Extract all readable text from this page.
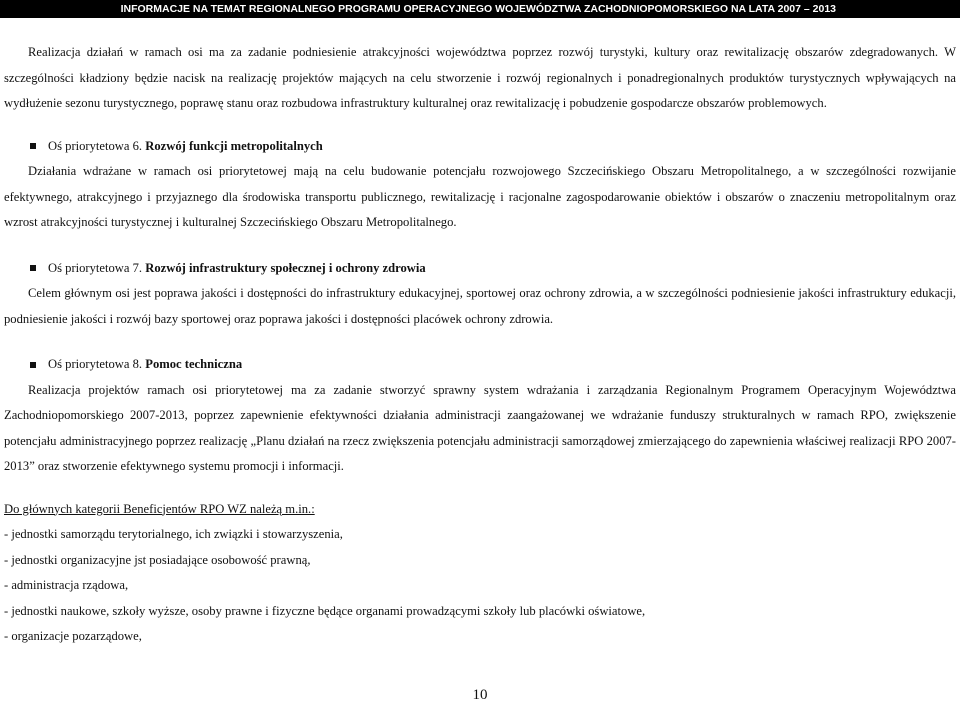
INFORMACJE NA TEMAT REGIONALNEGO PROGRAMU OPERACYJNEGO WOJEWÓDZTWA ZACHODNIOPOMORSKIEGO NA LATA 2007 – 2013

Realizacja działań w ramach osi ma za zadanie podniesienie atrakcyjności województwa poprzez rozwój turystyki, kultury oraz rewitalizację obszarów zdegradowanych. W szczególności kładziony będzie nacisk na realizację projektów mających na celu stworzenie i rozwój regionalnych i ponadregionalnych produktów turystycznych wpływających na wydłużenie sezonu turystycznego, poprawę stanu oraz rozbudowa infrastruktury kulturalnej oraz rewitalizację i pobudzenie gospodarcze obszarów problemowych.

Oś priorytetowa 6.
Rozwój funkcji metropolitalnych

Działania wdrażane w ramach osi priorytetowej mają na celu budowanie potencjału rozwojowego Szczecińskiego Obszaru Metropolitalnego, a w szczególności rozwijanie efektywnego, atrakcyjnego i przyjaznego dla środowiska transportu publicznego, rewitalizację i racjonalne zagospodarowanie obiektów i obszarów o znaczeniu metropolitalnym oraz wzrost atrakcyjności turystycznej i kulturalnej Szczecińskiego Obszaru Metropolitalnego.

Oś priorytetowa 7.
Rozwój infrastruktury społecznej i ochrony zdrowia

Celem głównym osi jest poprawa jakości i dostępności do infrastruktury edukacyjnej, sportowej oraz ochrony zdrowia, a w szczególności podniesienie jakości infrastruktury edukacji, podniesienie jakości i rozwój bazy sportowej oraz poprawa jakości i dostępności placówek ochrony zdrowia.

Oś priorytetowa 8.
Pomoc techniczna

Realizacja projektów ramach osi priorytetowej ma za zadanie stworzyć sprawny system wdrażania i zarządzania Regionalnym Programem Operacyjnym Województwa Zachodniopomorskiego 2007-2013, poprzez zapewnienie efektywności działania administracji zaangażowanej we wdrażanie funduszy strukturalnych w ramach RPO, zwiększenie potencjału administracyjnego poprzez realizację „Planu działań na rzecz zwiększenia potencjału administracji samorządowej zmierzającego do zapewnienia właściwej realizacji RPO 2007-2013” oraz stworzenie efektywnego systemu promocji i informacji.

Do głównych kategorii Beneficjentów RPO WZ należą m.in.:

- jednostki samorządu terytorialnego, ich związki i stowarzyszenia,
- jednostki organizacyjne jst posiadające osobowość prawną,
- administracja rządowa,
- jednostki naukowe, szkoły wyższe, osoby prawne i fizyczne będące organami prowadzącymi szkoły lub placówki oświatowe,
- organizacje pozarządowe,
10
